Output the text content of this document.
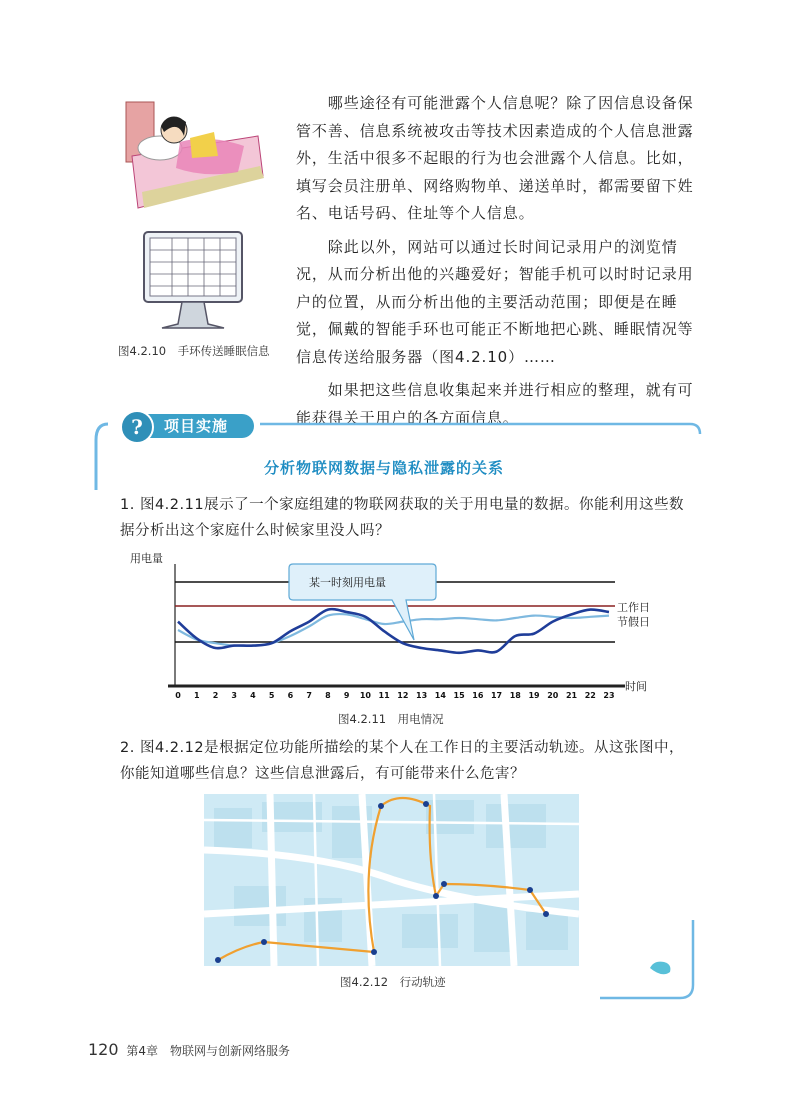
图4.2.10　手环传送睡眠信息

　　哪些途径有可能泄露个人信息呢？除了因信息设备保管不善、信息系统被攻击等技术因素造成的个人信息泄露外，生活中很多不起眼的行为也会泄露个人信息。比如，填写会员注册单、网络购物单、递送单时，都需要留下姓名、电话号码、住址等个人信息。

　　除此以外，网站可以通过长时间记录用户的浏览情况，从而分析出他的兴趣爱好；智能手机可以时时记录用户的位置，从而分析出他的主要活动范围；即便是在睡觉，佩戴的智能手环也可能正不断地把心跳、睡眠情况等信息传送给服务器（图4.2.10）……

　　如果把这些信息收集起来并进行相应的整理，就有可能获得关于用户的各方面信息。

?	项目实施
分析物联网数据与隐私泄露的关系
1. 图4.2.11展示了一个家庭组建的物联网获取的关于用电量的数据。你能利用这些数据分析出这个家庭什么时候家里没人吗？
用电量
时间
0 1 2 3 4 5 6 7 8 9 10 11 12 13 14 15 16 17 18 19 20 21 22 23
工作日
节假日
某一时刻用电量
图4.2.11　用电情况
2. 图4.2.12是根据定位功能所描绘的某个人在工作日的主要活动轨迹。从这张图中，你能知道哪些信息？这些信息泄露后，有可能带来什么危害？
图4.2.12　行动轨迹
120 第4章　物联网与创新网络服务
